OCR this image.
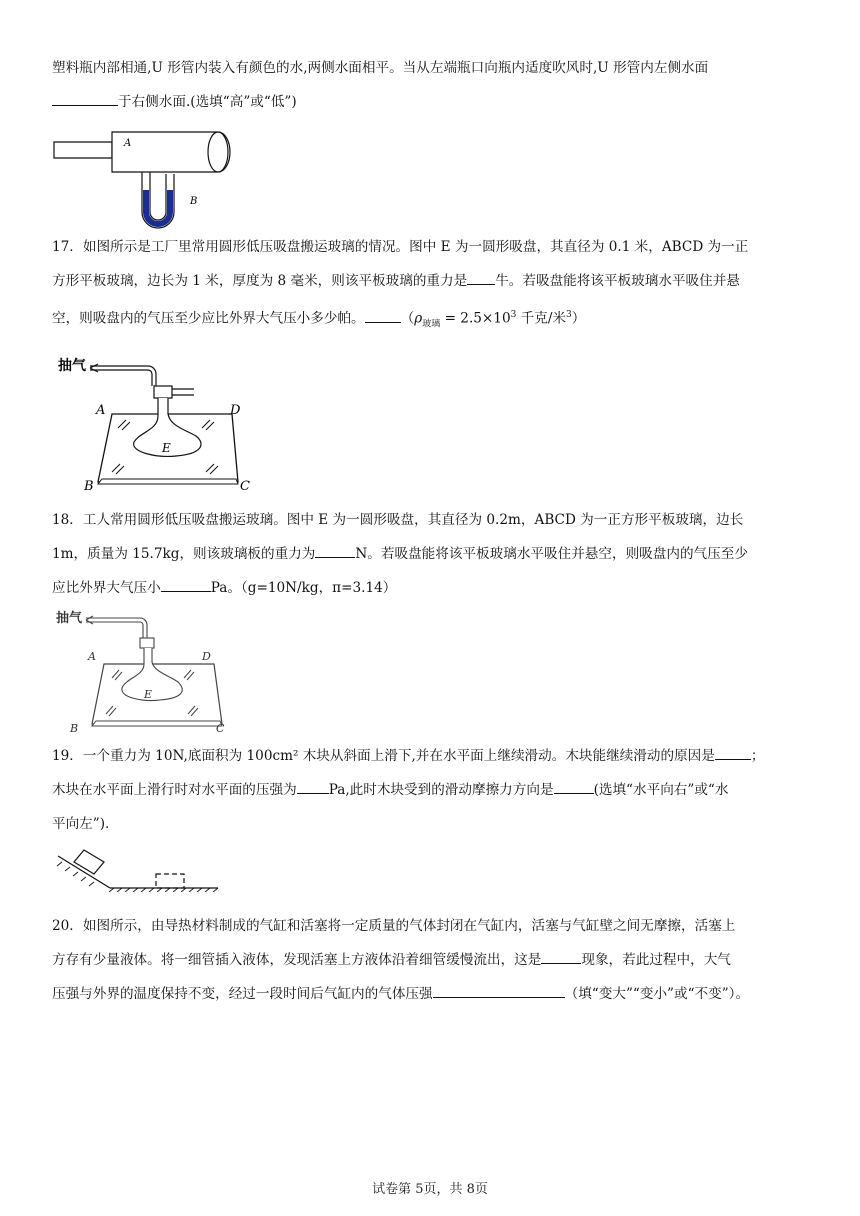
塑料瓶内部相通,U 形管内装入有颜色的水,两侧水面相平。当从左端瓶口向瓶内适度吹风时,U 形管内左侧水面
于右侧水面.(选填“高”或“低”)
A
B
17．如图所示是工厂里常用圆形低压吸盘搬运玻璃的情况。图中 E 为一圆形吸盘，其直径为 0.1 米，ABCD 为一正
方形平板玻璃，边长为 1 米，厚度为 8 毫米，则该平板玻璃的重力是 牛。若吸盘能将该平板玻璃水平吸住并悬
空，则吸盘内的气压至少应比外界大气压小多少帕。	（$\rho_{玻璃} = 2.5\times 10^3$ 千克/米$^3$）
抽气
E
A	D
B	C
18．工人常用圆形低压吸盘搬运玻璃。图中 E 为一圆形吸盘，其直径为 0.2m，ABCD 为一正方形平板玻璃，边长
1m，质量为 15.7kg，则该玻璃板的重力为	N。若吸盘能将该平板玻璃水平吸住并悬空，则吸盘内的气压至少
应比外界大气压小	Pa。（g=10N/kg，π=3.14）
抽气
E
A	D
B	C
19．一个重力为 10N,底面积为 100cm² 木块从斜面上滑下,并在水平面上继续滑动。木块能继续滑动的原因是	；
木块在水平面上滑行时对水平面的压强为 Pa,此时木块受到的滑动摩擦力方向是	(选填“水平向右”或“水
平向左”).
20．如图所示，由导热材料制成的气缸和活塞将一定质量的气体封闭在气缸内，活塞与气缸壁之间无摩擦，活塞上
方存有少量液体。将一细管插入液体，发现活塞上方液体沿着细管缓慢流出，这是	现象，若此过程中，大气
压强与外界的温度保持不变，经过一段时间后气缸内的气体压强	（填“变大”“变小”或“不变”）。
试卷第 5页，共 8页
